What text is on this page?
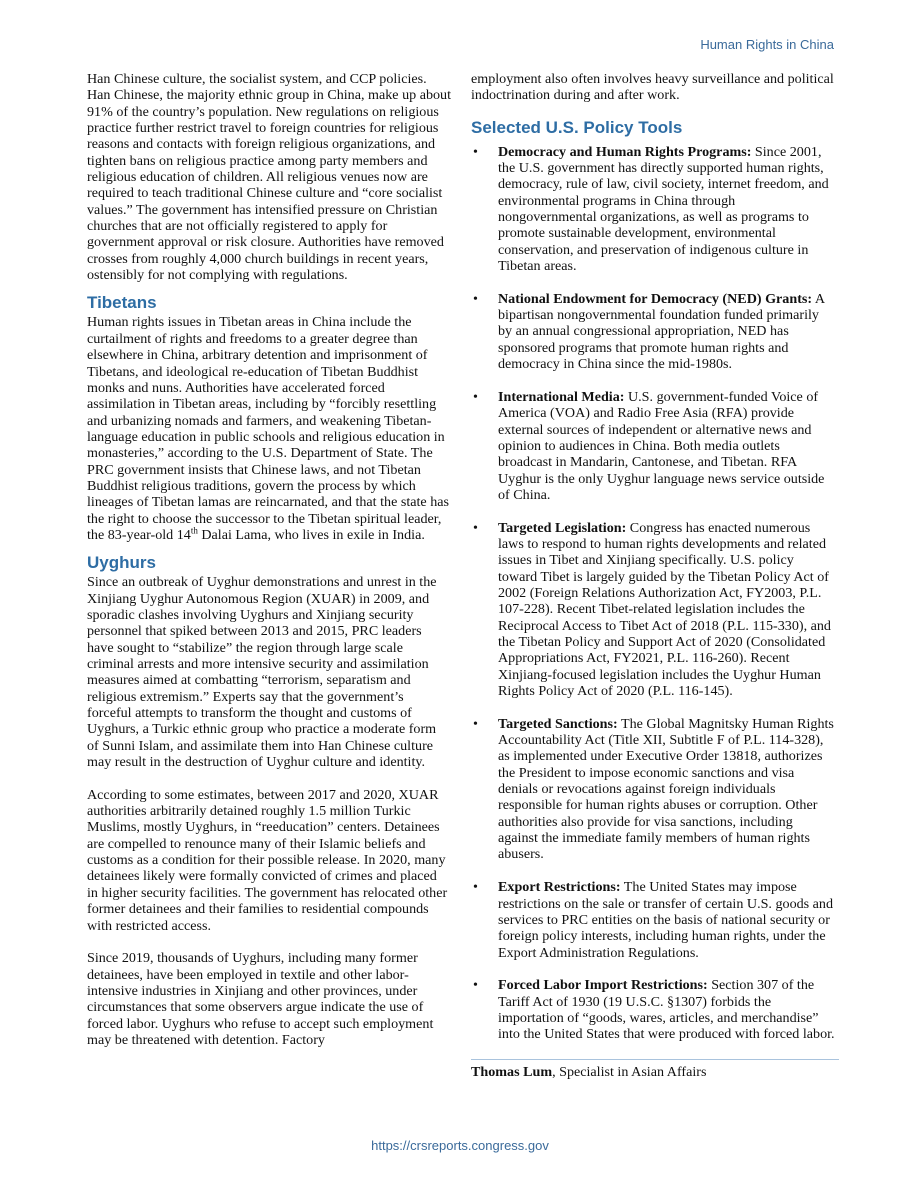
Human Rights in China

Han Chinese culture, the socialist system, and CCP policies. Han Chinese, the majority ethnic group in China, make up about 91% of the country’s population. New regulations on religious practice further restrict travel to foreign countries for religious reasons and contacts with foreign religious organizations, and tighten bans on religious practice among party members and religious education of children. All religious venues now are required to teach traditional Chinese culture and “core socialist values.” The government has intensified pressure on Christian churches that are not officially registered to apply for government approval or risk closure. Authorities have removed crosses from roughly 4,000 church buildings in recent years, ostensibly for not complying with regulations.

Tibetans

Human rights issues in Tibetan areas in China include the curtailment of rights and freedoms to a greater degree than elsewhere in China, arbitrary detention and imprisonment of Tibetans, and ideological re-education of Tibetan Buddhist monks and nuns. Authorities have accelerated forced assimilation in Tibetan areas, including by “forcibly resettling and urbanizing nomads and farmers, and weakening Tibetan-language education in public schools and religious education in monasteries,” according to the U.S. Department of State. The PRC government insists that Chinese laws, and not Tibetan Buddhist religious traditions, govern the process by which lineages of Tibetan lamas are reincarnated, and that the state has the right to choose the successor to the Tibetan spiritual leader, the 83-year-old 14th Dalai Lama, who lives in exile in India.

Uyghurs

Since an outbreak of Uyghur demonstrations and unrest in the Xinjiang Uyghur Autonomous Region (XUAR) in 2009, and sporadic clashes involving Uyghurs and Xinjiang security personnel that spiked between 2013 and 2015, PRC leaders have sought to “stabilize” the region through large scale criminal arrests and more intensive security and assimilation measures aimed at combatting “terrorism, separatism and religious extremism.” Experts say that the government’s forceful attempts to transform the thought and customs of Uyghurs, a Turkic ethnic group who practice a moderate form of Sunni Islam, and assimilate them into Han Chinese culture may result in the destruction of Uyghur culture and identity.

According to some estimates, between 2017 and 2020, XUAR authorities arbitrarily detained roughly 1.5 million Turkic Muslims, mostly Uyghurs, in “reeducation” centers. Detainees are compelled to renounce many of their Islamic beliefs and customs as a condition for their possible release. In 2020, many detainees likely were formally convicted of crimes and placed in higher security facilities. The government has relocated other former detainees and their families to residential compounds with restricted access.

Since 2019, thousands of Uyghurs, including many former detainees, have been employed in textile and other labor-intensive industries in Xinjiang and other provinces, under circumstances that some observers argue indicate the use of forced labor. Uyghurs who refuse to accept such employment may be threatened with detention. Factory

employment also often involves heavy surveillance and political indoctrination during and after work.

Selected U.S. Policy Tools
• Democracy and Human Rights Programs: Since 2001, the U.S. government has directly supported human rights, democracy, rule of law, civil society, internet freedom, and environmental programs in China through nongovernmental organizations, as well as programs to promote sustainable development, environmental conservation, and preservation of indigenous culture in Tibetan areas.
• National Endowment for Democracy (NED) Grants: A bipartisan nongovernmental foundation funded primarily by an annual congressional appropriation, NED has sponsored programs that promote human rights and democracy in China since the mid-1980s.
• International Media: U.S. government-funded Voice of America (VOA) and Radio Free Asia (RFA) provide external sources of independent or alternative news and opinion to audiences in China. Both media outlets broadcast in Mandarin, Cantonese, and Tibetan. RFA Uyghur is the only Uyghur language news service outside of China.
• Targeted Legislation: Congress has enacted numerous laws to respond to human rights developments and related issues in Tibet and Xinjiang specifically. U.S. policy toward Tibet is largely guided by the Tibetan Policy Act of 2002 (Foreign Relations Authorization Act, FY2003, P.L. 107-228). Recent Tibet-related legislation includes the Reciprocal Access to Tibet Act of 2018 (P.L. 115-330), and the Tibetan Policy and Support Act of 2020 (Consolidated Appropriations Act, FY2021, P.L. 116-260). Recent Xinjiang-focused legislation includes the Uyghur Human Rights Policy Act of 2020 (P.L. 116-145).
• Targeted Sanctions: The Global Magnitsky Human Rights Accountability Act (Title XII, Subtitle F of P.L. 114-328), as implemented under Executive Order 13818, authorizes the President to impose economic sanctions and visa denials or revocations against foreign individuals responsible for human rights abuses or corruption. Other authorities also provide for visa sanctions, including against the immediate family members of human rights abusers.
• Export Restrictions: The United States may impose restrictions on the sale or transfer of certain U.S. goods and services to PRC entities on the basis of national security or foreign policy interests, including human rights, under the Export Administration Regulations.
• Forced Labor Import Restrictions: Section 307 of the Tariff Act of 1930 (19 U.S.C. §1307) forbids the importation of “goods, wares, articles, and merchandise” into the United States that were produced with forced labor.

Thomas Lum, Specialist in Asian Affairs

https://crsreports.congress.gov
